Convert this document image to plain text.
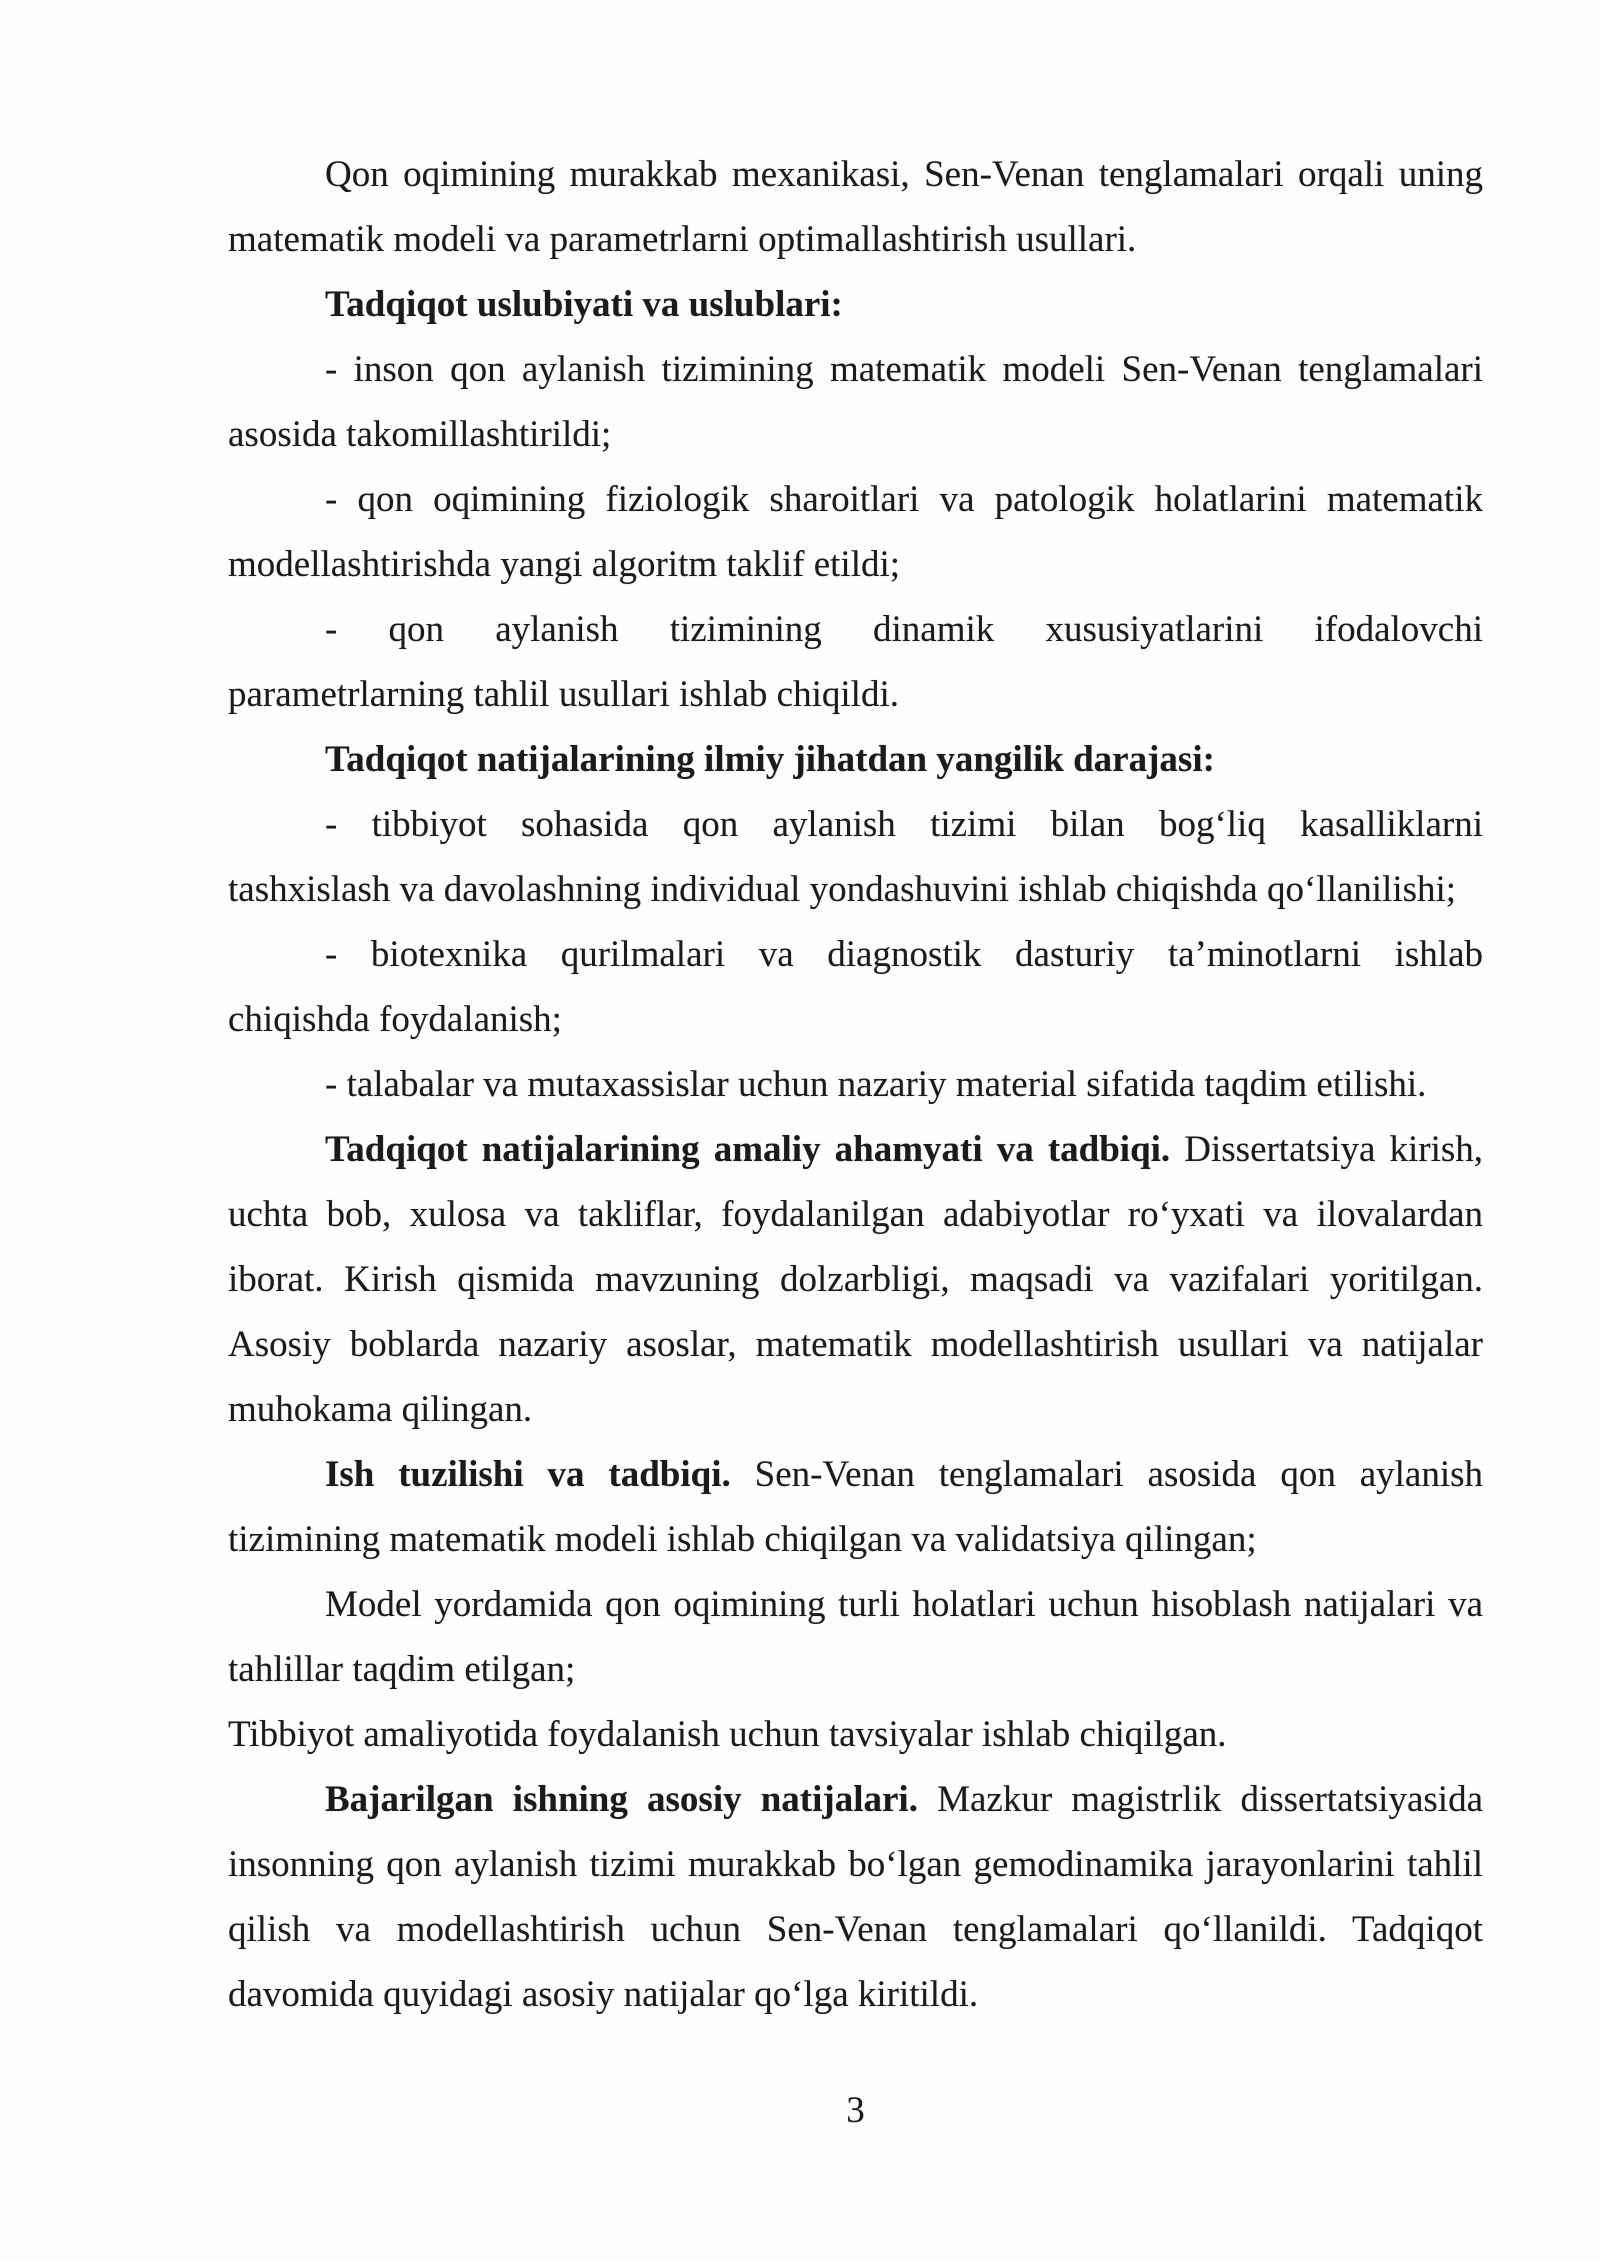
Qon oqimining murakkab mexanikasi, Sen-Venan tenglamalari orqali uning
matematik modeli va parametrlarni optimallashtirish usullari.
Tadqiqot uslubiyati va uslublari:
- inson qon aylanish tizimining matematik modeli Sen-Venan tenglamalari
asosida takomillashtirildi;
- qon oqimining fiziologik sharoitlari va patologik holatlarini matematik
modellashtirishda yangi algoritm taklif etildi;
- qon aylanish tizimining dinamik xususiyatlarini ifodalovchi
parametrlarning tahlil usullari ishlab chiqildi.
Tadqiqot natijalarining ilmiy jihatdan yangilik darajasi:
- tibbiyot sohasida qon aylanish tizimi bilan bog‘liq kasalliklarni
tashxislash va davolashning individual yondashuvini ishlab chiqishda qo‘llanilishi;
- biotexnika qurilmalari va diagnostik dasturiy ta’minotlarni ishlab
chiqishda foydalanish;
- talabalar va mutaxassislar uchun nazariy material sifatida taqdim etilishi.
Tadqiqot natijalarining amaliy ahamyati va tadbiqi. Dissertatsiya kirish,
uchta bob, xulosa va takliflar, foydalanilgan adabiyotlar ro‘yxati va ilovalardan
iborat. Kirish qismida mavzuning dolzarbligi, maqsadi va vazifalari yoritilgan.
Asosiy boblarda nazariy asoslar, matematik modellashtirish usullari va natijalar
muhokama qilingan.
Ish tuzilishi va tadbiqi. Sen-Venan tenglamalari asosida qon aylanish
tizimining matematik modeli ishlab chiqilgan va validatsiya qilingan;
Model yordamida qon oqimining turli holatlari uchun hisoblash natijalari va
tahlillar taqdim etilgan;
Tibbiyot amaliyotida foydalanish uchun tavsiyalar ishlab chiqilgan.
Bajarilgan ishning asosiy natijalari. Mazkur magistrlik dissertatsiyasida
insonning qon aylanish tizimi murakkab bo‘lgan gemodinamika jarayonlarini tahlil
qilish va modellashtirish uchun Sen-Venan tenglamalari qo‘llanildi. Tadqiqot
davomida quyidagi asosiy natijalar qo‘lga kiritildi.
3
